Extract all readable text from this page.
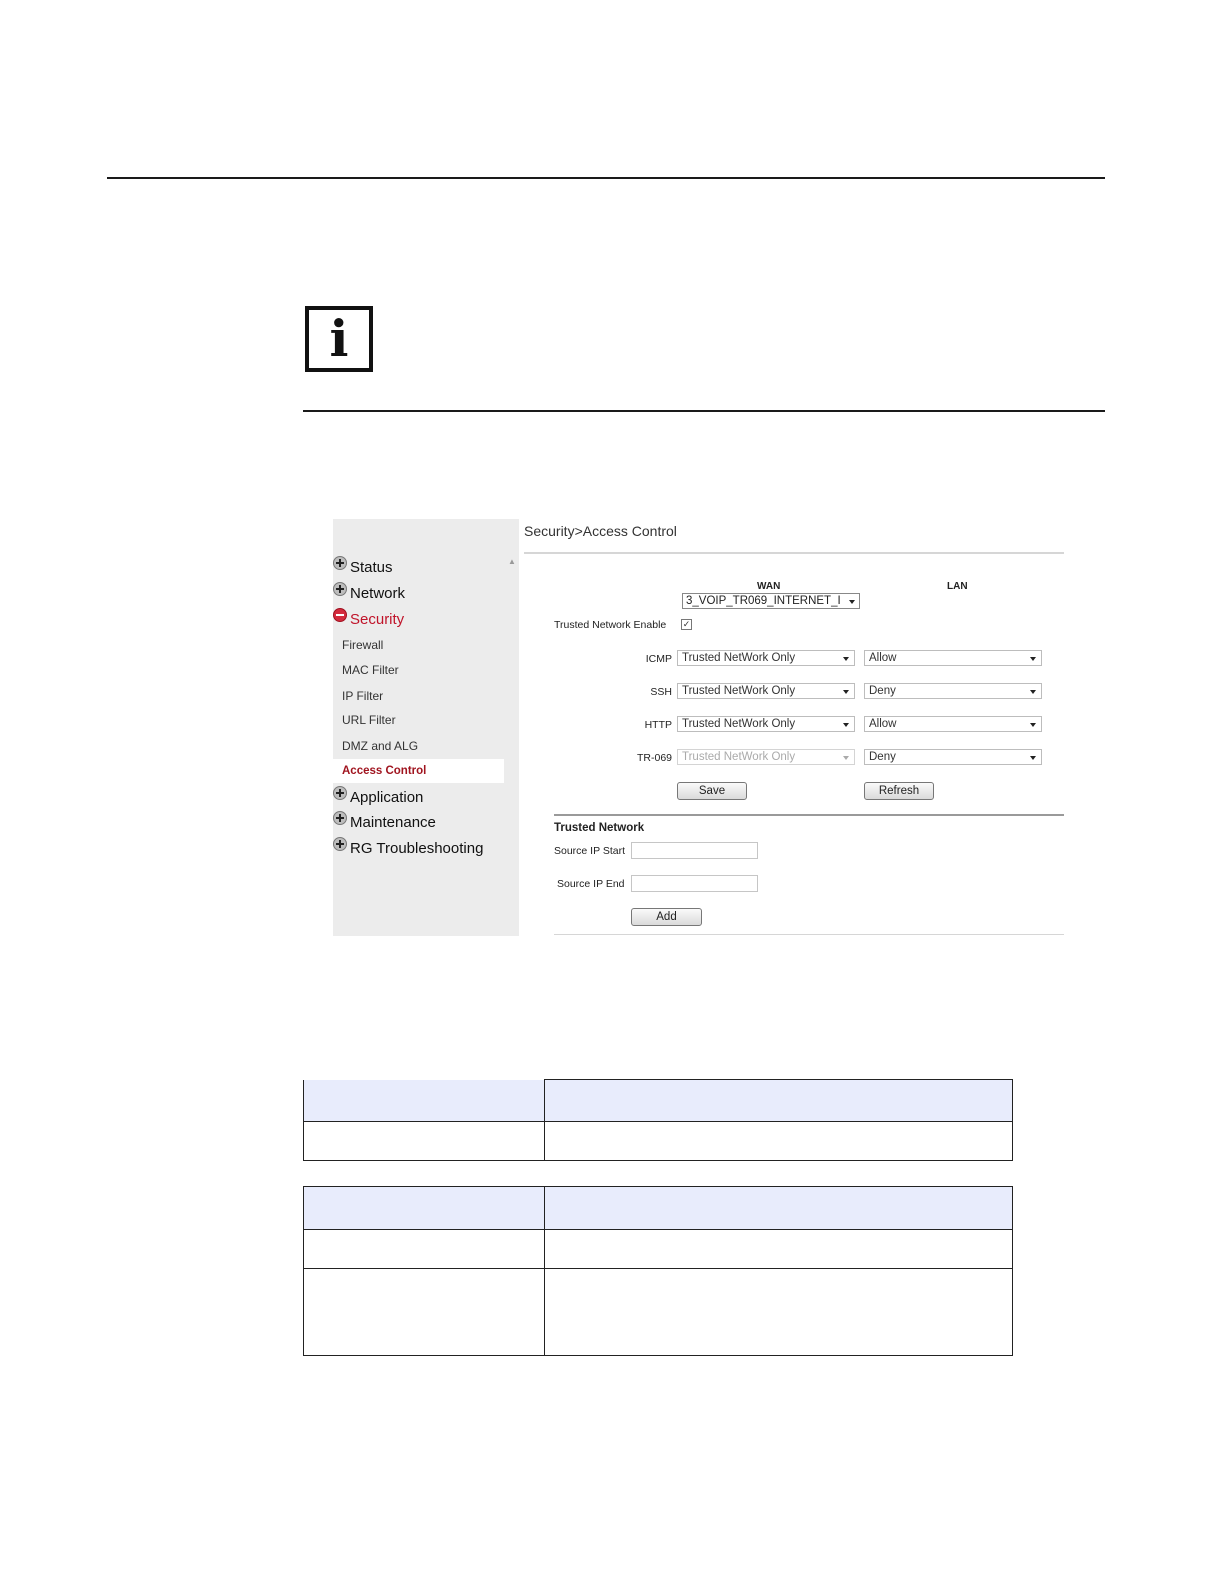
i
▲
Status
Network
Security
Firewall
MAC Filter
IP Filter
URL Filter
DMZ and ALG
Access Control
Application
Maintenance
RG Troubleshooting
Security>Access Control
WAN	LAN
3_VOIP_TR069_INTERNET_I
Trusted Network Enable ✓
ICMP Trusted NetWork Only	Allow
SSH Trusted NetWork Only	Deny
HTTP Trusted NetWork Only	Allow
TR-069 Trusted NetWork Only	Deny
Save	Refresh
Trusted Network
Source IP Start
Source IP End
Add
